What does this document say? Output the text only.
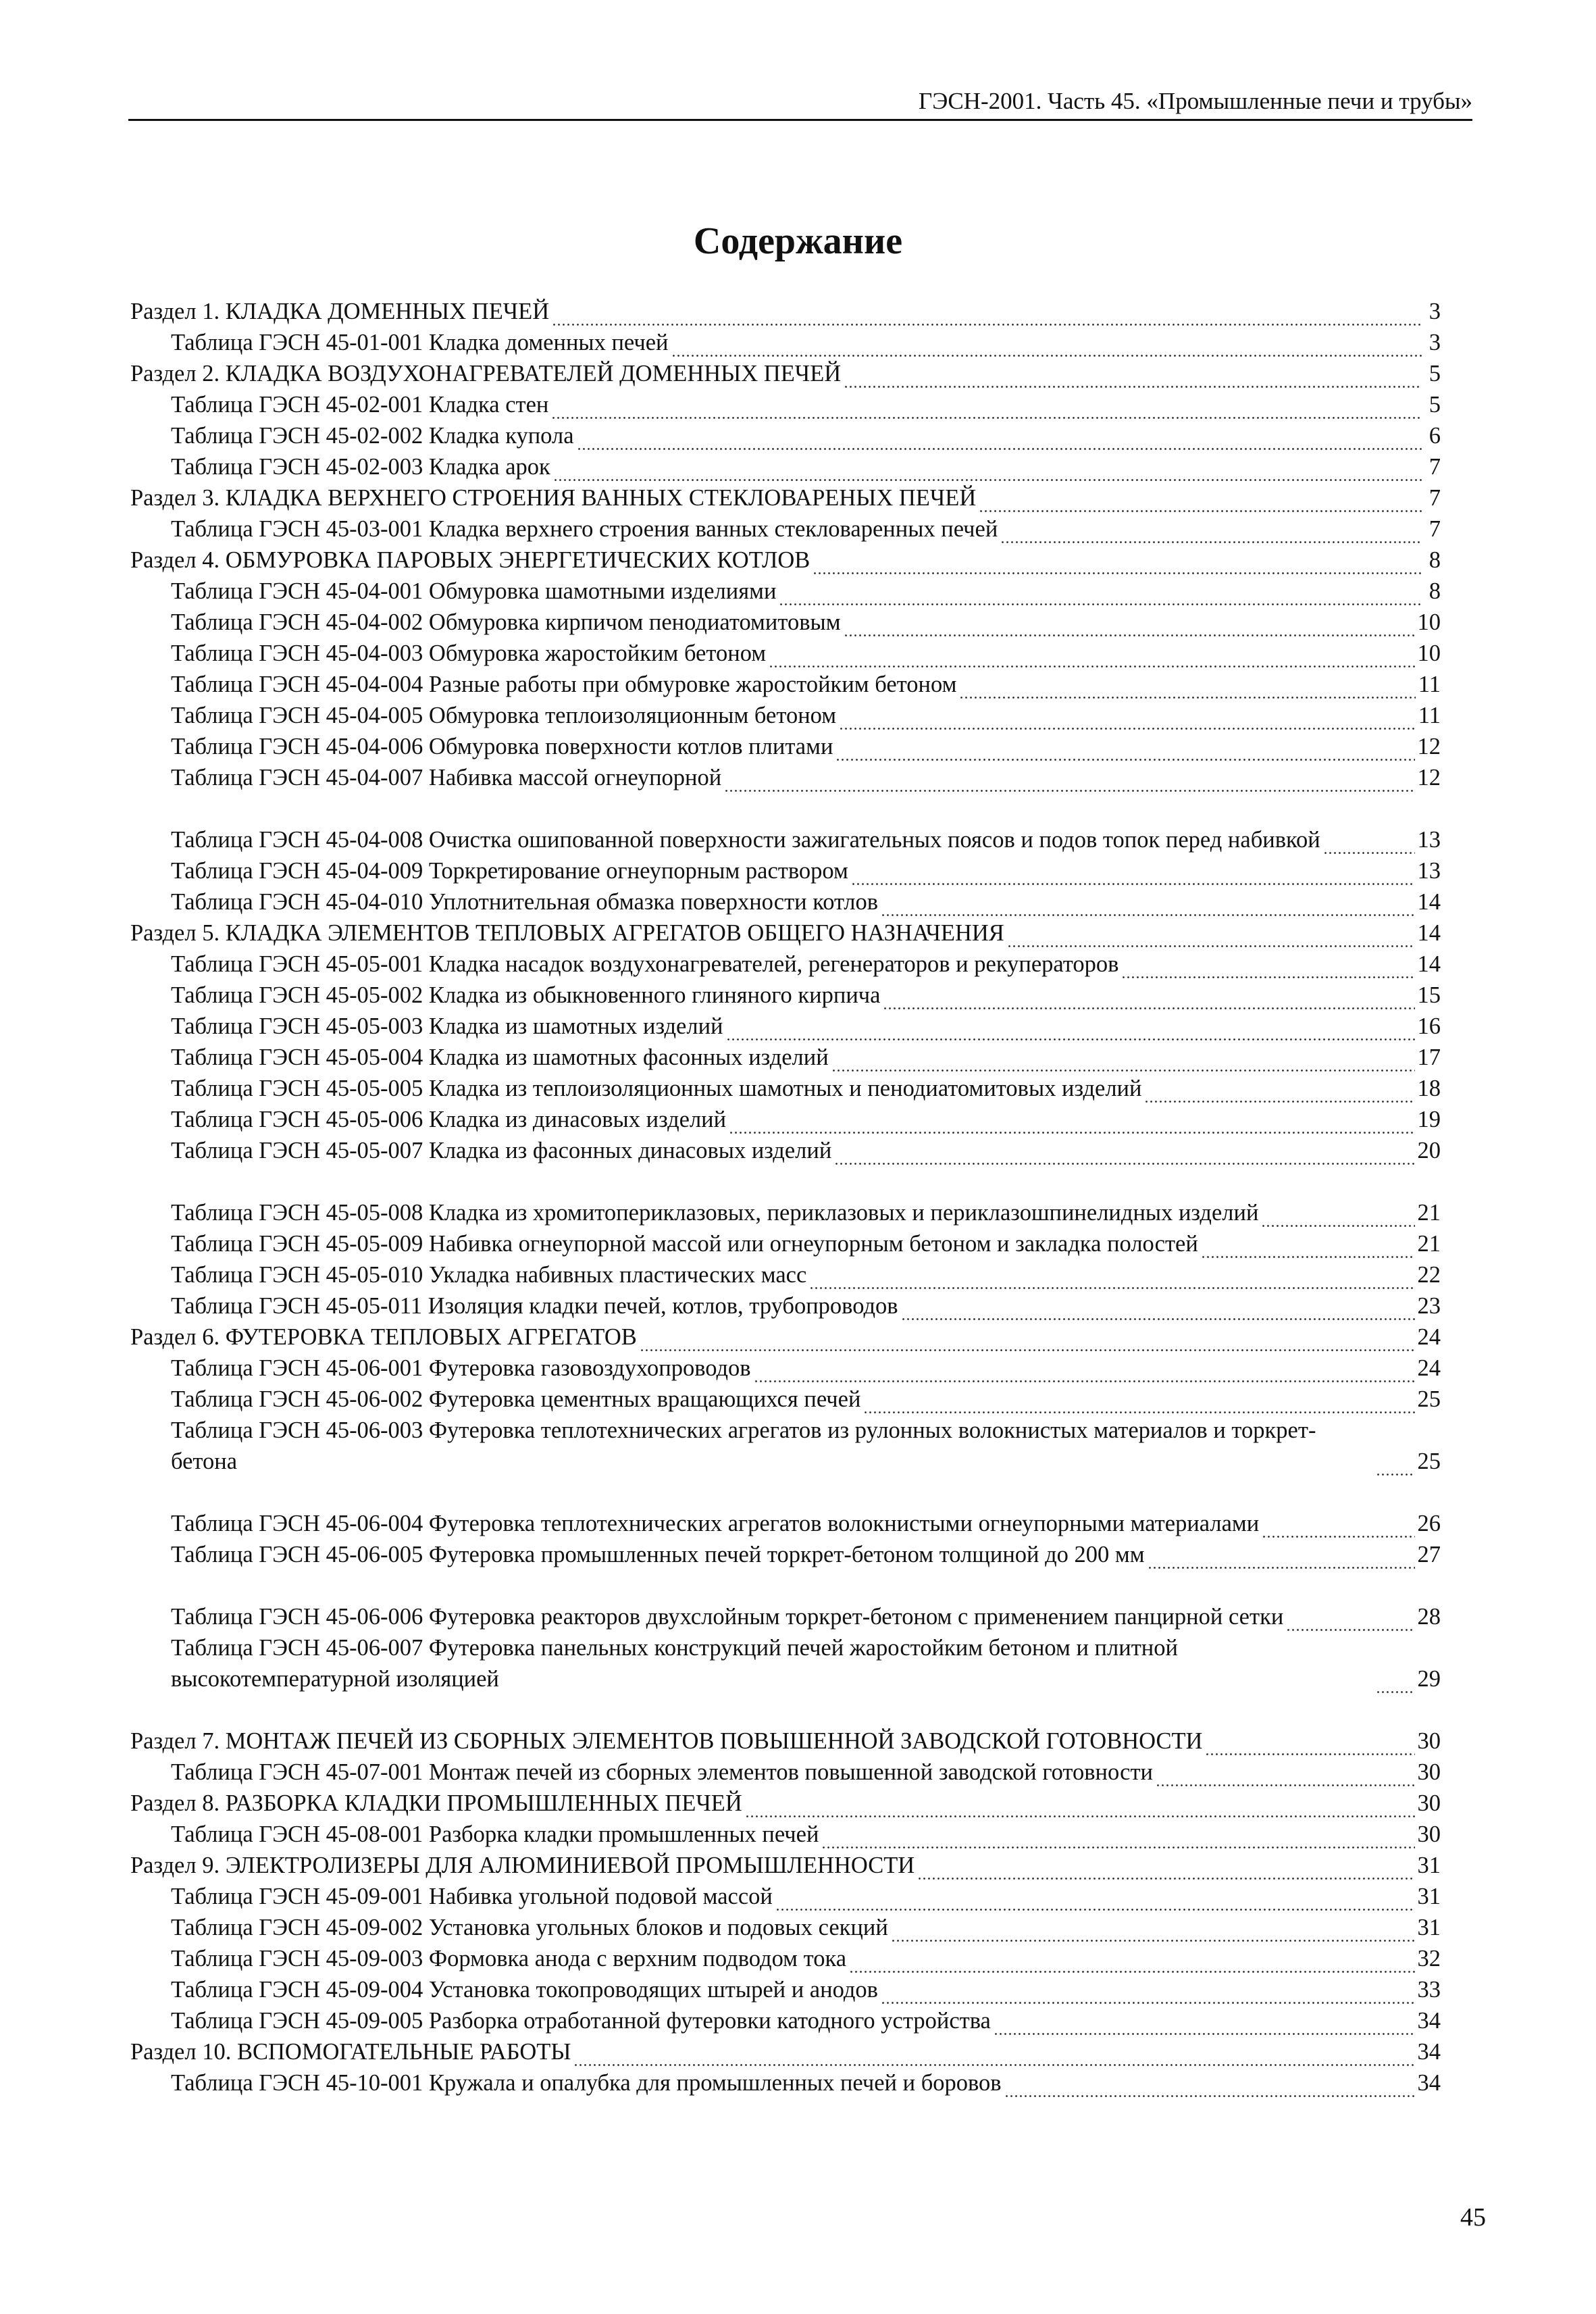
ГЭСН-2001. Часть 45. «Промышленные печи и трубы»
Содержание
Раздел 1. КЛАДКА ДОМЕННЫХ ПЕЧЕЙ	3
Таблица ГЭСН 45-01-001 Кладка доменных печей	3
Раздел 2. КЛАДКА ВОЗДУХОНАГРЕВАТЕЛЕЙ ДОМЕННЫХ ПЕЧЕЙ	5
Таблица ГЭСН 45-02-001 Кладка стен	5
Таблица ГЭСН 45-02-002 Кладка купола	6
Таблица ГЭСН 45-02-003 Кладка арок	7
Раздел 3. КЛАДКА ВЕРХНЕГО СТРОЕНИЯ ВАННЫХ СТЕКЛОВАРЕНЫХ ПЕЧЕЙ	7
Таблица ГЭСН 45-03-001 Кладка верхнего строения ванных стекловаренных печей	7
Раздел 4. ОБМУРОВКА ПАРОВЫХ ЭНЕРГЕТИЧЕСКИХ КОТЛОВ	8
Таблица ГЭСН 45-04-001 Обмуровка шамотными изделиями	8
Таблица ГЭСН 45-04-002 Обмуровка кирпичом пенодиатомитовым	10
Таблица ГЭСН 45-04-003 Обмуровка жаростойким бетоном	10
Таблица ГЭСН 45-04-004 Разные работы при обмуровке жаростойким бетоном	11
Таблица ГЭСН 45-04-005 Обмуровка теплоизоляционным бетоном	11
Таблица ГЭСН 45-04-006 Обмуровка поверхности котлов плитами	12
Таблица ГЭСН 45-04-007 Набивка массой огнеупорной	12
Таблица ГЭСН 45-04-008 Очистка ошипованной поверхности зажигательных поясов и подов топок перед набивкой	13
Таблица ГЭСН 45-04-009 Торкретирование огнеупорным раствором	13
Таблица ГЭСН 45-04-010 Уплотнительная обмазка поверхности котлов	14
Раздел 5. КЛАДКА ЭЛЕМЕНТОВ ТЕПЛОВЫХ АГРЕГАТОВ ОБЩЕГО НАЗНАЧЕНИЯ	14
Таблица ГЭСН 45-05-001 Кладка насадок воздухонагревателей, регенераторов и рекуператоров	14
Таблица ГЭСН 45-05-002 Кладка из обыкновенного глиняного кирпича	15
Таблица ГЭСН 45-05-003 Кладка из шамотных изделий	16
Таблица ГЭСН 45-05-004 Кладка из шамотных фасонных изделий	17
Таблица ГЭСН 45-05-005 Кладка из теплоизоляционных шамотных и пенодиатомитовых изделий	18
Таблица ГЭСН 45-05-006 Кладка из динасовых изделий	19
Таблица ГЭСН 45-05-007 Кладка из фасонных динасовых изделий	20
Таблица ГЭСН 45-05-008 Кладка из хромитопериклазовых, периклазовых и периклазошпинелидных изделий	21
Таблица ГЭСН 45-05-009 Набивка огнеупорной массой или огнеупорным бетоном и закладка полостей	21
Таблица ГЭСН 45-05-010 Укладка набивных пластических масс	22
Таблица ГЭСН 45-05-011 Изоляция кладки печей, котлов, трубопроводов	23
Раздел 6. ФУТЕРОВКА ТЕПЛОВЫХ АГРЕГАТОВ	24
Таблица ГЭСН 45-06-001 Футеровка газовоздухопроводов	24
Таблица ГЭСН 45-06-002 Футеровка цементных вращающихся печей	25
Таблица ГЭСН 45-06-003 Футеровка теплотехнических агрегатов из рулонных волокнистых материалов и торкрет-бетона	25
Таблица ГЭСН 45-06-004 Футеровка теплотехнических агрегатов волокнистыми огнеупорными материалами	26
Таблица ГЭСН 45-06-005 Футеровка промышленных печей торкрет-бетоном толщиной до 200 мм	27
Таблица ГЭСН 45-06-006 Футеровка реакторов двухслойным торкрет-бетоном с применением панцирной сетки	28
Таблица ГЭСН 45-06-007 Футеровка панельных конструкций печей жаростойким бетоном и плитной высокотемпературной изоляцией	29
Раздел 7. МОНТАЖ ПЕЧЕЙ ИЗ СБОРНЫХ ЭЛЕМЕНТОВ ПОВЫШЕННОЙ ЗАВОДСКОЙ ГОТОВНОСТИ	30
Таблица ГЭСН 45-07-001 Монтаж печей из сборных элементов повышенной заводской готовности	30
Раздел 8. РАЗБОРКА КЛАДКИ ПРОМЫШЛЕННЫХ ПЕЧЕЙ	30
Таблица ГЭСН 45-08-001 Разборка кладки промышленных печей	30
Раздел 9. ЭЛЕКТРОЛИЗЕРЫ ДЛЯ АЛЮМИНИЕВОЙ ПРОМЫШЛЕННОСТИ	31
Таблица ГЭСН 45-09-001 Набивка угольной подовой массой	31
Таблица ГЭСН 45-09-002 Установка угольных блоков и подовых секций	31
Таблица ГЭСН 45-09-003 Формовка анода с верхним подводом тока	32
Таблица ГЭСН 45-09-004 Установка токопроводящих штырей и анодов	33
Таблица ГЭСН 45-09-005 Разборка отработанной футеровки катодного устройства	34
Раздел 10. ВСПОМОГАТЕЛЬНЫЕ РАБОТЫ	34
Таблица ГЭСН 45-10-001 Кружала и опалубка для промышленных печей и боровов	34
45
